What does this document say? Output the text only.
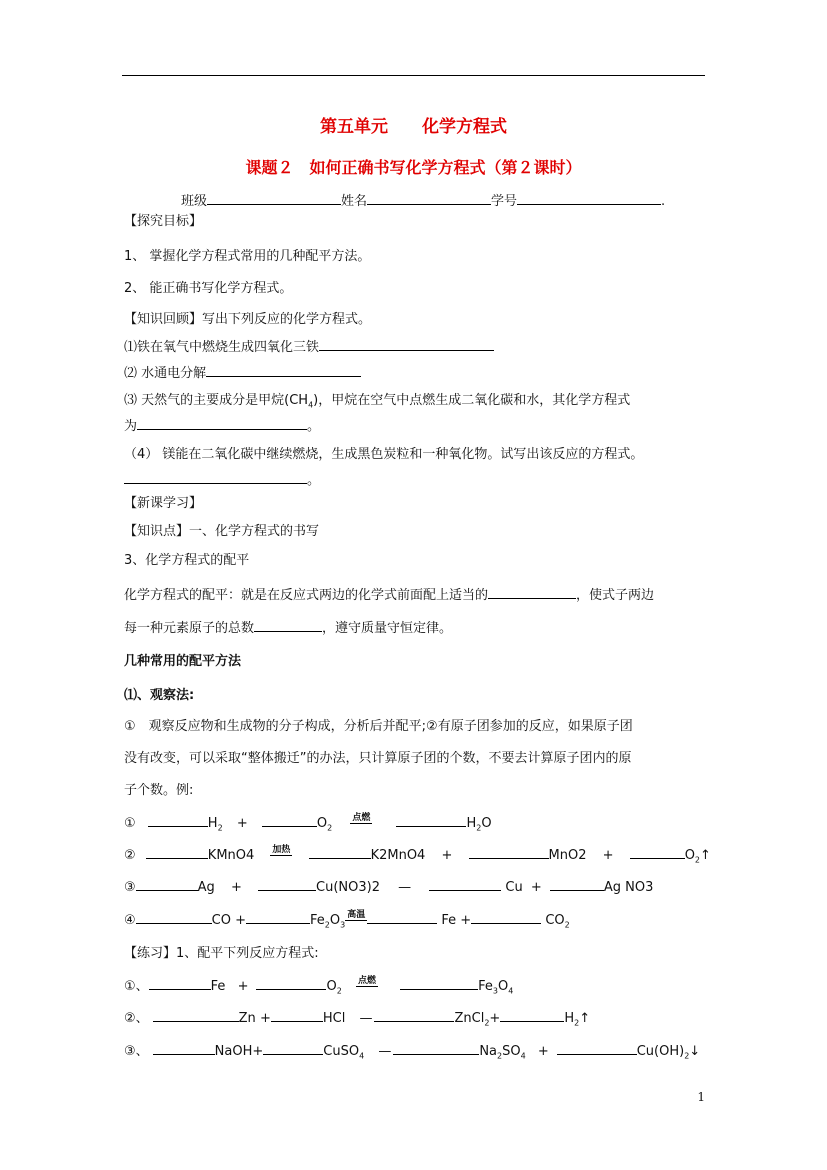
第五单元　　化学方程式
课题２　如何正确书写化学方程式（第２课时）
班级	姓名	学号	.
【探究目标】
1、 掌握化学方程式常用的几种配平方法。
2、 能正确书写化学方程式。
【知识回顾】写出下列反应的化学方程式。
⑴铁在氧气中燃烧生成四氧化三铁
⑵ 水通电分解
⑶ 天然气的主要成分是甲烷$(CH_4)$，甲烷在空气中点燃生成二氧化碳和水，其化学方程式
为	。
（4） 镁能在二氧化碳中继续燃烧，生成黑色炭粒和一种氧化物。试写出该反应的方程式。
。
【新课学习】
【知识点】一、化学方程式的书写
3、化学方程式的配平
化学方程式的配平：就是在反应式两边的化学式前面配上适当的	，使式子两边
每一种元素原子的总数	，遵守质量守恒定律。
几种常用的配平方法
⑴、观察法:
①　观察反应物和生成物的分子构成，分析后并配平;②有原子团参加的反应，如果原子团
没有改变，可以采取“整体搬迁”的办法，只计算原子团的个数，不要去计算原子团内的原
子个数。例:
①	$H_2$ +	$O_2$ 点燃	$H_2O$
②	KMnO4 加热	K2MnO4 +	MnO2 +	$O_2↑$
③	Ag +	Cu(NO3)2 —	Cu +	Ag NO3
④	CO +	$Fe_2O_3$高温	Fe +	$CO_2$
【练习】1、配平下列反应方程式:
①、	Fe +	$O_2$ 点燃	$Fe_3O_4$
②、	Zn +	HCl —	ZnCl$_2$+	$H_2↑$
③、	NaOH+	CuSO$_4$ —	$Na_2SO_4$ +	$Cu(OH)_2↓$
1
